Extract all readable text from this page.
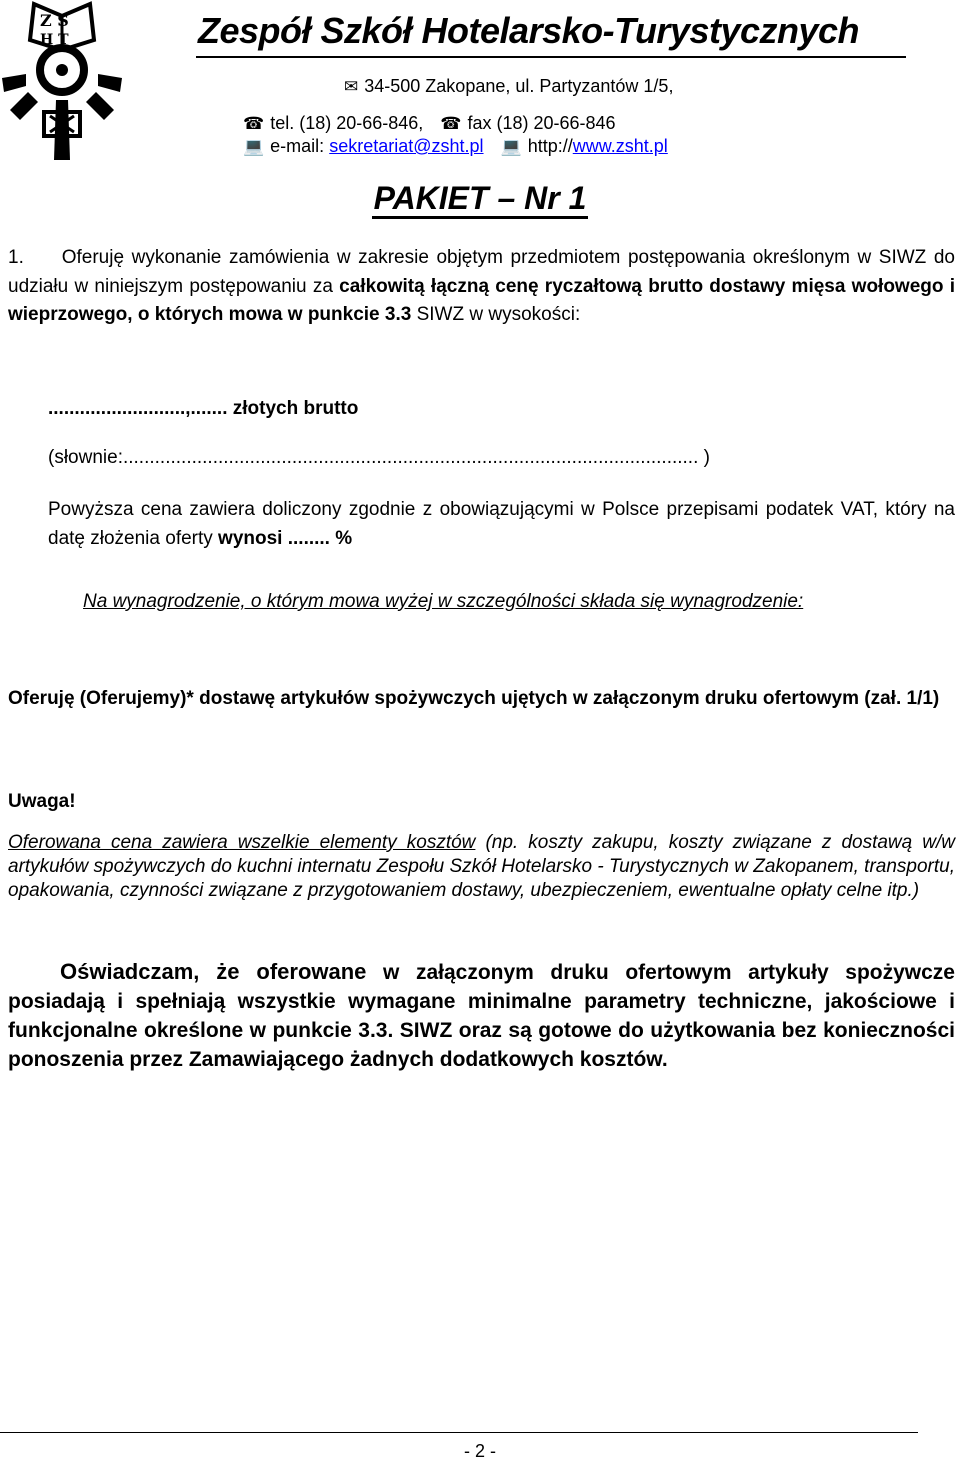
Z S
H T	Zespół Szkół Hotelarsko-Turystycznych
✉ 34-500 Zakopane, ul. Partyzantów 1/5,
☎ tel. (18) 20-66-846, ☎ fax (18) 20-66-846
💻 e-mail: sekretariat@zsht.pl 💻 http://www.zsht.pl
PAKIET – Nr 1
1. Oferuję wykonanie zamówienia w zakresie objętym przedmiotem postępowania określonym w SIWZ do udziału w niniejszym postępowaniu za całkowitą łączną cenę ryczałtową brutto dostawy mięsa wołowego i wieprzowego, o których mowa w punkcie 3.3 SIWZ w wysokości:
..........................,....... złotych brutto
(słownie:............................................................................................................. )
Powyższa cena zawiera doliczony zgodnie z obowiązującymi w Polsce przepisami podatek VAT, który na datę złożenia oferty wynosi ........ %
Na wynagrodzenie, o którym mowa wyżej w szczególności składa się wynagrodzenie:
Oferuję (Oferujemy)* dostawę artykułów spożywczych ujętych w załączonym druku ofertowym (zał. 1/1)
Uwaga!
Oferowana cena zawiera wszelkie elementy kosztów (np. koszty zakupu, koszty związane z dostawą w/w artykułów spożywczych do kuchni internatu Zespołu Szkół Hotelarsko - Turystycznych w Zakopanem, transportu, opakowania, czynności związane z przygotowaniem dostawy, ubezpieczeniem, ewentualne opłaty celne itp.)
Oświadczam, że oferowane w załączonym druku ofertowym artykuły spożywcze posiadają i spełniają wszystkie wymagane minimalne parametry techniczne, jakościowe i funkcjonalne określone w punkcie 3.3. SIWZ oraz są gotowe do użytkowania bez konieczności ponoszenia przez Zamawiającego żadnych dodatkowych kosztów.
- 2 -
